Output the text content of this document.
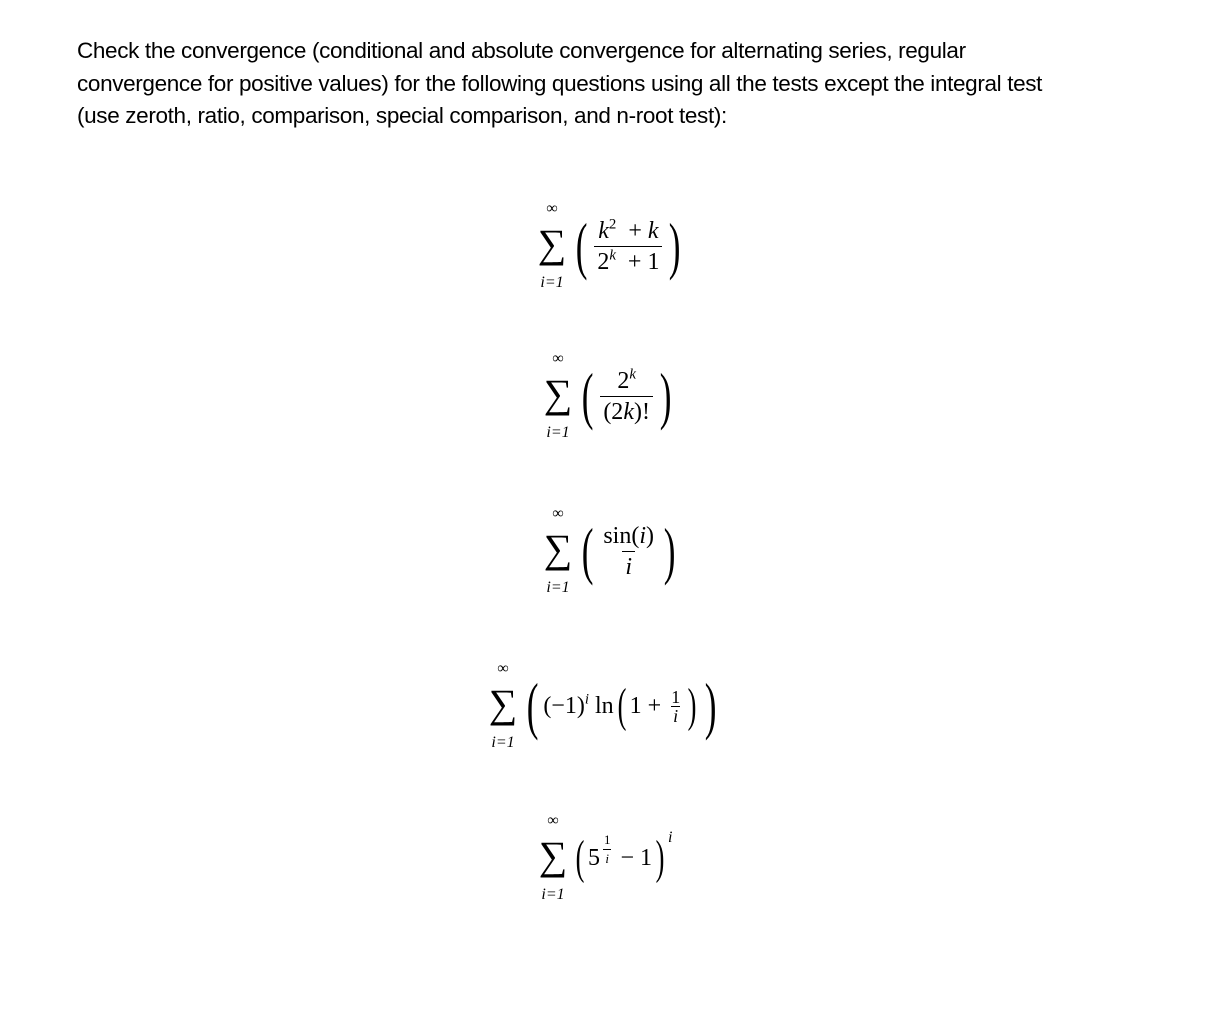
Check the convergence (conditional and absolute convergence for alternating series, regular
convergence for positive values) for the following questions using all the tests except the integral test
(use zeroth, ratio, comparison, special comparison, and n-root test):

∞
∑
i=1
( $\frac{k^2 + k}{2^k + 1}$ )
∞
∑
i=1
( $\frac{2^k}{(2k)!}$ )
∞
∑
i=1
( $\frac{\sin(i)}{i}$ )
∞
∑
i=1
( $(-1)^i$ ln ( $1 + \frac{1}{i}$ ) )
∞
∑
i=1
( $5 \frac{1}{i} - 1$ ) i
